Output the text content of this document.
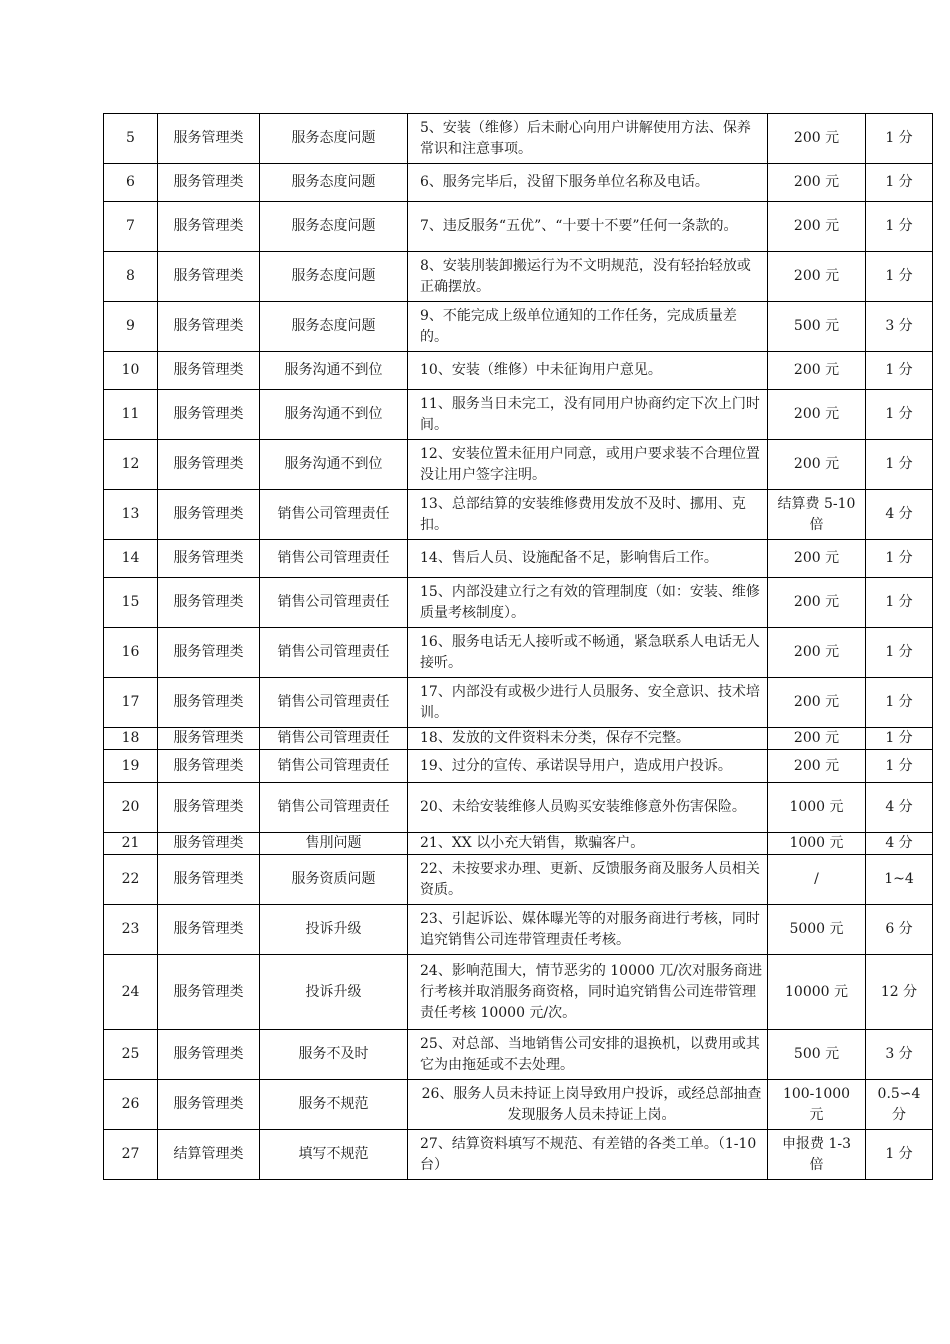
5	服务管理类	服务态度问题	5、安装（维修）后未耐心向用户讲解使用方法、保养常识和注意事项。	200 元	1 分
6	服务管理类	服务态度问题	6、服务完毕后，没留下服务单位名称及电话。	200 元	1 分
7	服务管理类	服务态度问题	7、违反服务“五优”、“十要十不要”任何一条款的。	200 元	1 分
8	服务管理类	服务态度问题	8、安装刖装卸搬运行为不文明规范，没有轻抬轻放或正确摆放。	200 元	1 分
9	服务管理类	服务态度问题	9、不能完成上级单位通知的工作任务，完成质量差的。	500 元	3 分
10	服务管理类	服务沟通不到位	10、安装（维修）中未征询用户意见。	200 元	1 分
11	服务管理类	服务沟通不到位	11、服务当日未完工，没有同用户协商约定下次上门时间。	200 元	1 分
12	服务管理类	服务沟通不到位	12、安装位置未征用户同意，或用户要求装不合理位置没让用户签字注明。	200 元	1 分
13	服务管理类	销售公司管理责任	13、总部结算的安装维修费用发放不及时、挪用、克扣。	结算费 5-10 倍	4 分
14	服务管理类	销售公司管理责任	14、售后人员、设施配备不足，影响售后工作。	200 元	1 分
15	服务管理类	销售公司管理责任	15、内部没建立行之有效的管理制度（如：安装、维修质量考核制度）。	200 元	1 分
16	服务管理类	销售公司管理责任	16、服务电话无人接听或不畅通，紧急联系人电话无人接听。	200 元	1 分
17	服务管理类	销售公司管理责任	17、内部没有或极少进行人员服务、安全意识、技术培训。	200 元	1 分
18	服务管理类	销售公司管理责任	18、发放的文件资料未分类，保存不完整。	200 元	1 分
19	服务管理类	销售公司管理责任	19、过分的宣传、承诺误导用户，造成用户投诉。	200 元	1 分
20	服务管理类	销售公司管理责任	20、未给安装维修人员购买安装维修意外伤害保险。	1000 元	4 分
21	服务管理类	售刖问题	21、XX 以小充大销售，欺骗客户。	1000 元	4 分
22	服务管理类	服务资质问题	22、未按要求办理、更新、反馈服务商及服务人员相关资质。	/	1~4
23	服务管理类	投诉升级	23、引起诉讼、媒体曝光等的对服务商进行考核，同时追究销售公司连带管理责任考核。	5000 元	6 分
24	服务管理类	投诉升级	24、影响范围大，情节恶劣的 10000 兀/次对服务商进行考核并取消服务商资格，同时追究销售公司连带管理责任考核 10000 元/次。	10000 元	12 分
25	服务管理类	服务不及时	25、对总部、当地销售公司安排的退换机，以费用或其它为由拖延或不去处理。	500 元	3 分
26	服务管理类	服务不规范	26、服务人员未持证上岗导致用户投诉，或经总部抽查发现服务人员未持证上岗。	100-1000 元	0.5∽4 分
27	结算管理类	填写不规范	27、结算资料填写不规范、有差错的各类工单。（1-10 台）	申报费 1-3 倍	1 分
